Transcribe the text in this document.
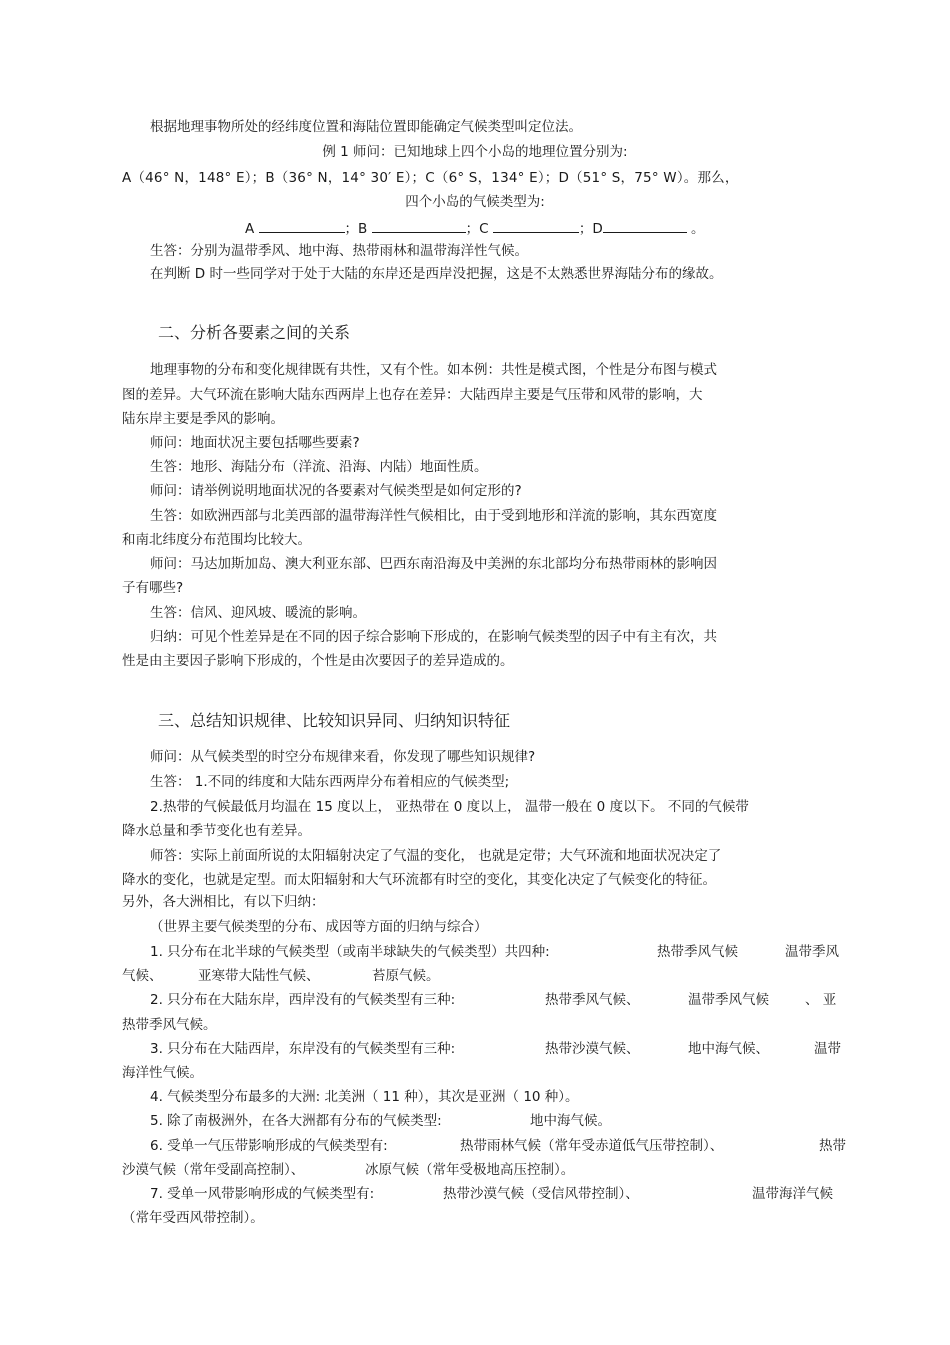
根据地理事物所处的经纬度位置和海陆位置即能确定气候类型叫定位法。
例 1 师问：已知地球上四个小岛的地理位置分别为:
A（46° N，148° E）；B（36° N，14° 30′ E）；C（6° S，134° E）；D（51° S，75° W）。那么，
四个小岛的气候类型为:
A	；B	；C	；D	。
生答：分别为温带季风、地中海、热带雨林和温带海洋性气候。
在判断 D 时一些同学对于处于大陆的东岸还是西岸没把握，这是不太熟悉世界海陆分布的缘故。
二、分析各要素之间的关系
地理事物的分布和变化规律既有共性，又有个性。如本例：共性是模式图，个性是分布图与模式
图的差异。大气环流在影响大陆东西两岸上也存在差异：大陆西岸主要是气压带和风带的影响，大
陆东岸主要是季风的影响。
师问：地面状况主要包括哪些要素?
生答：地形、海陆分布（洋流、沿海、内陆）地面性质。
师问：请举例说明地面状况的各要素对气候类型是如何定形的?
生答：如欧洲西部与北美西部的温带海洋性气候相比，由于受到地形和洋流的影响，其东西宽度
和南北纬度分布范围均比较大。
师问：马达加斯加岛、澳大利亚东部、巴西东南沿海及中美洲的东北部均分布热带雨林的影响因
子有哪些?
生答：信风、迎风坡、暖流的影响。
归纳：可见个性差异是在不同的因子综合影响下形成的，在影响气候类型的因子中有主有次，共
性是由主要因子影响下形成的，个性是由次要因子的差异造成的。
三、总结知识规律、比较知识异同、归纳知识特征
师问：从气候类型的时空分布规律来看，你发现了哪些知识规律?
生答： 1.不同的纬度和大陆东西两岸分布着相应的气候类型;
2.热带的气候最低月均温在 15 度以上， 亚热带在 0 度以上， 温带一般在 0 度以下。 不同的气候带
降水总量和季节变化也有差异。
师答：实际上前面所说的太阳辐射决定了气温的变化， 也就是定带；大气环流和地面状况决定了
降水的变化，也就是定型。而太阳辐射和大气环流都有时空的变化，其变化决定了气候变化的特征。
另外，各大洲相比，有以下归纳：
（世界主要气候类型的分布、成因等方面的归纳与综合）
1. 只分布在北半球的气候类型（或南半球缺失的气候类型）共四种:	热带季风气候	温带季风
气候、	亚寒带大陆性气候、	苔原气候。
2. 只分布在大陆东岸，西岸没有的气候类型有三种:	热带季风气候、	温带季风气候	、 亚
热带季风气候。
3. 只分布在大陆西岸，东岸没有的气候类型有三种:	热带沙漠气候、	地中海气候、	温带
海洋性气候。
4. 气候类型分布最多的大洲: 北美洲（ 11 种），其次是亚洲（ 10 种）。
5. 除了南极洲外，在各大洲都有分布的气候类型:	地中海气候。
6. 受单一气压带影响形成的气候类型有:	热带雨林气候（常年受赤道低气压带控制）、	热带
沙漠气候（常年受副高控制）、	冰原气候（常年受极地高压控制）。
7. 受单一风带影响形成的气候类型有:	热带沙漠气候（受信风带控制）、	温带海洋气候
（常年受西风带控制）。
